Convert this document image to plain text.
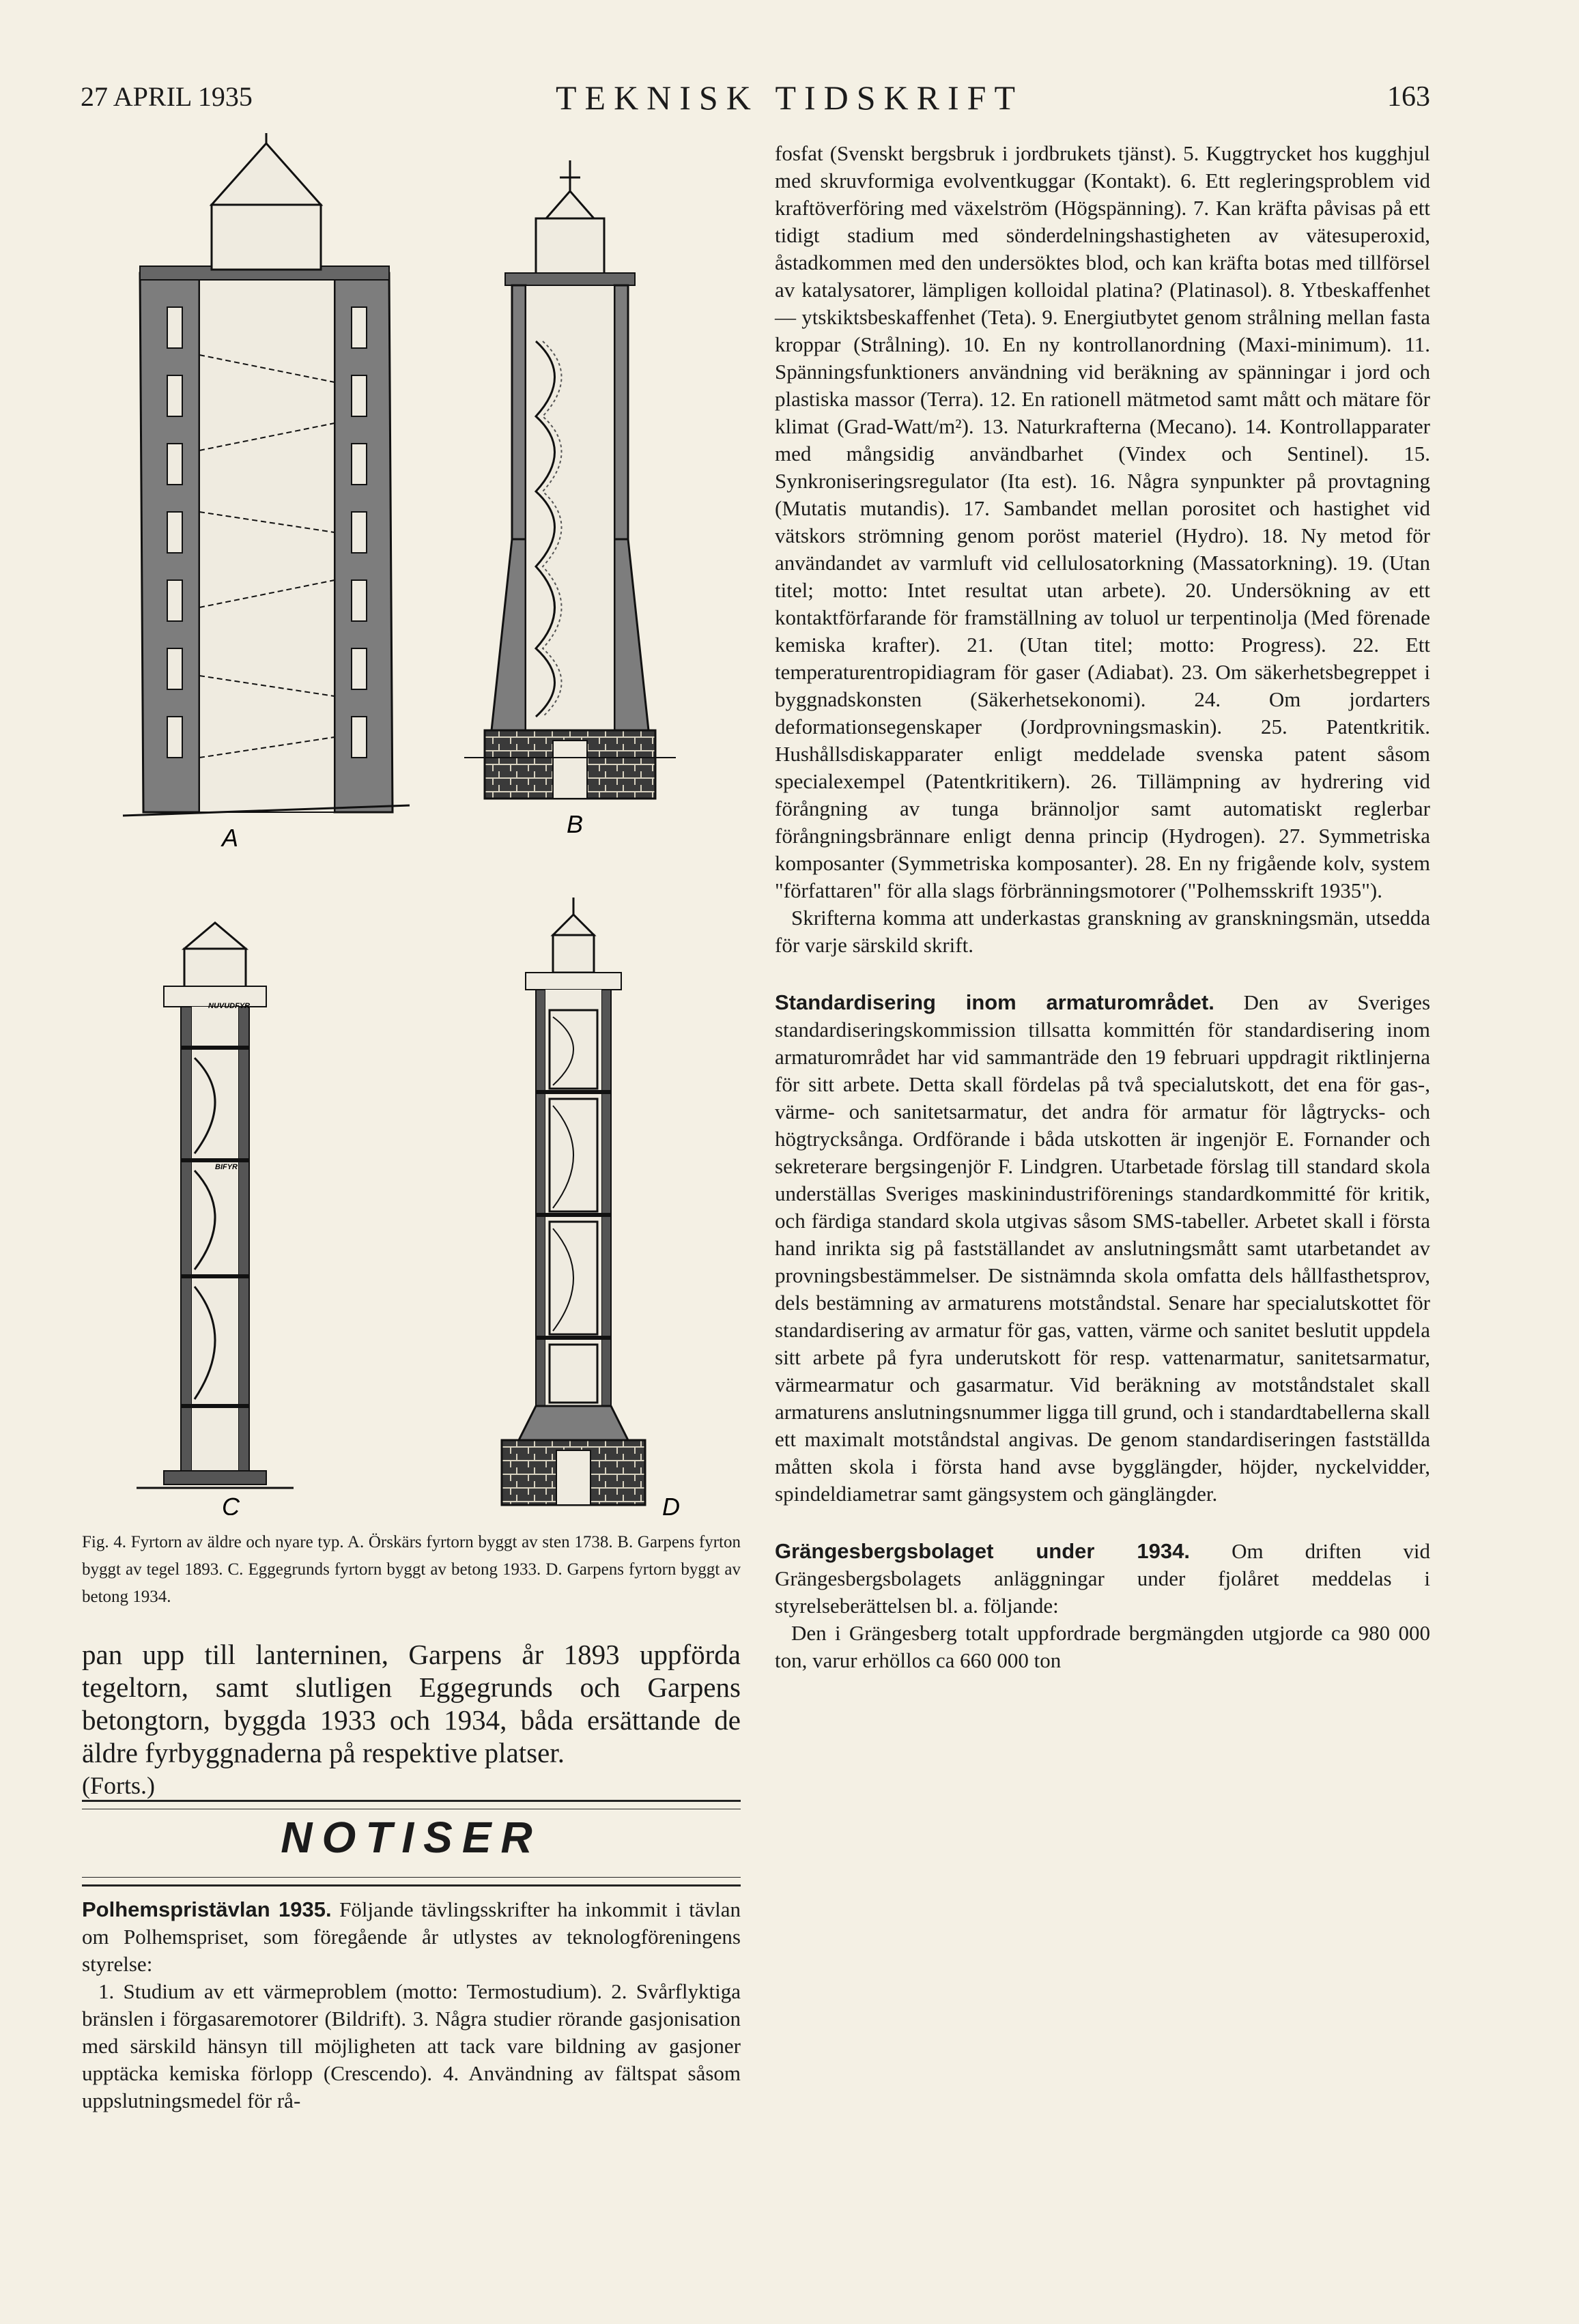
27 APRIL 1935	TEKNISK TIDSKRIFT	163
A	B
NUVUDFYR
BIFYR
C	D
Fig. 4. Fyrtorn av äldre och nyare typ. A. Örskärs fyrtorn byggt av sten 1738. B. Garpens fyrton byggt av tegel 1893. C. Eggegrunds fyrtorn byggt av betong 1933. D. Garpens fyrtorn byggt av betong 1934.

pan upp till lanterninen, Garpens år 1893 uppförda tegeltorn, samt slutligen Eggegrunds och Garpens betongtorn, byggda 1933 och 1934, båda ersättande de äldre fyrbyggnaderna på respektive platser.

(Forts.)

NOTISER

Polhemspristävlan 1935. Följande tävlingsskrifter ha inkommit i tävlan om Polhemspriset, som föregående år utlystes av teknologföreningens styrelse:

1. Studium av ett värmeproblem (motto: Termostudium). 2. Svårflyktiga bränslen i förgasaremotorer (Bildrift). 3. Några studier rörande gasjonisation med särskild hänsyn till möjligheten att tack vare bildning av gasjoner upptäcka kemiska förlopp (Crescendo). 4. Användning av fältspat såsom uppslutningsmedel för rå-

fosfat (Svenskt bergsbruk i jordbrukets tjänst). 5. Kuggtrycket hos kugghjul med skruvformiga evolventkuggar (Kontakt). 6. Ett regleringsproblem vid kraftöverföring med växelström (Högspänning). 7. Kan kräfta påvisas på ett tidigt stadium med sönderdelningshastigheten av vätesuperoxid, åstadkommen med den undersöktes blod, och kan kräfta botas med tillförsel av katalysatorer, lämpligen kolloidal platina? (Platinasol). 8. Ytbeskaffenhet — ytskiktsbeskaffenhet (Teta). 9. Energiutbytet genom strålning mellan fasta kroppar (Strålning). 10. En ny kontrollanordning (Maxi-minimum). 11. Spänningsfunktioners användning vid beräkning av spänningar i jord och plastiska massor (Terra). 12. En rationell mätmetod samt mått och mätare för klimat (Grad-Watt/m²). 13. Naturkrafterna (Mecano). 14. Kontrollapparater med mångsidig användbarhet (Vindex och Sentinel). 15. Synkroniseringsregulator (Ita est). 16. Några synpunkter på provtagning (Mutatis mutandis). 17. Sambandet mellan porositet och hastighet vid vätskors strömning genom poröst materiel (Hydro). 18. Ny metod för användandet av varmluft vid cellulosatorkning (Massatorkning). 19. (Utan titel; motto: Intet resultat utan arbete). 20. Undersökning av ett kontaktförfarande för framställning av toluol ur terpentinolja (Med förenade kemiska krafter). 21. (Utan titel; motto: Progress). 22. Ett temperaturentropidiagram för gaser (Adiabat). 23. Om säkerhetsbegreppet i byggnadskonsten (Säkerhetsekonomi). 24. Om jordarters deformationsegenskaper (Jordprovningsmaskin). 25. Patentkritik. Hushållsdiskapparater enligt meddelade svenska patent såsom specialexempel (Patentkritikern). 26. Tillämpning av hydrering vid förångning av tunga brännoljor samt automatiskt reglerbar förångningsbrännare enligt denna princip (Hydrogen). 27. Symmetriska komposanter (Symmetriska komposanter). 28. En ny frigående kolv, system "författaren" för alla slags förbränningsmotorer ("Polhemsskrift 1935").

Skrifterna komma att underkastas granskning av granskningsmän, utsedda för varje särskild skrift.

Standardisering inom armaturområdet. Den av Sveriges standardiseringskommission tillsatta kommittén för standardisering inom armaturområdet har vid sammanträde den 19 februari uppdragit riktlinjerna för sitt arbete. Detta skall fördelas på två specialutskott, det ena för gas-, värme- och sanitetsarmatur, det andra för armatur för lågtrycks- och högtrycksånga. Ordförande i båda utskotten är ingenjör E. Fornander och sekreterare bergsingenjör F. Lindgren. Utarbetade förslag till standard skola underställas Sveriges maskinindustriförenings standardkommitté för kritik, och färdiga standard skola utgivas såsom SMS-tabeller. Arbetet skall i första hand inrikta sig på fastställandet av anslutningsmått samt utarbetandet av provningsbestämmelser. De sistnämnda skola omfatta dels hållfasthetsprov, dels bestämning av armaturens motståndstal. Senare har specialutskottet för standardisering av armatur för gas, vatten, värme och sanitet beslutit uppdela sitt arbete på fyra underutskott för resp. vattenarmatur, sanitetsarmatur, värmearmatur och gasarmatur. Vid beräkning av motståndstalet skall armaturens anslutningsnummer ligga till grund, och i standardtabellerna skall ett maximalt motståndstal angivas. De genom standardiseringen fastställda måtten skola i första hand avse bygglängder, höjder, nyckelvidder, spindeldiametrar samt gängsystem och gänglängder.

Grängesbergsbolaget under 1934. Om driften vid Grängesbergsbolagets anläggningar under fjolåret meddelas i styrelseberättelsen bl. a. följande:

Den i Grängesberg totalt uppfordrade bergmängden utgjorde ca 980 000 ton, varur erhöllos ca 660 000 ton
